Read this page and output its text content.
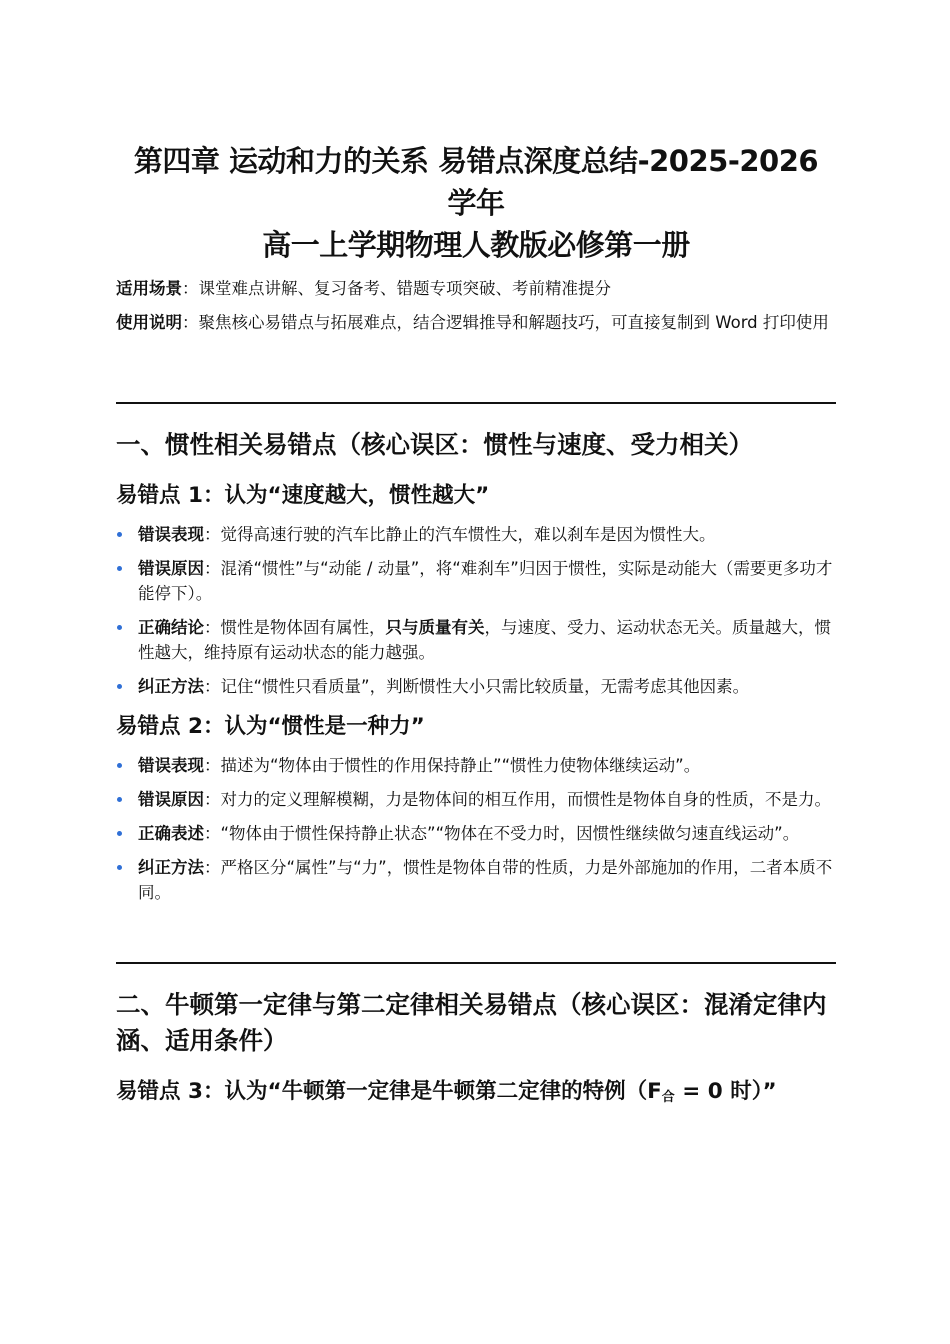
第四章 运动和力的关系 易错点深度总结-2025-2026 学年
高一上学期物理人教版必修第一册

适用场景：课堂难点讲解、复习备考、错题专项突破、考前精准提分

使用说明：聚焦核心易错点与拓展难点，结合逻辑推导和解题技巧，可直接复制到 Word 打印使用

一、惯性相关易错点（核心误区：惯性与速度、受力相关）
易错点 1：认为“速度越大，惯性越大”
错误表现：觉得高速行驶的汽车比静止的汽车惯性大，难以刹车是因为惯性大。
错误原因：混淆“惯性”与“动能 / 动量”，将“难刹车”归因于惯性，实际是动能大（需要更多功才能停下）。
正确结论：惯性是物体固有属性，只与质量有关，与速度、受力、运动状态无关。质量越大，惯性越大，维持原有运动状态的能力越强。
纠正方法：记住“惯性只看质量”，判断惯性大小只需比较质量，无需考虑其他因素。
易错点 2：认为“惯性是一种力”
错误表现：描述为“物体由于惯性的作用保持静止”“惯性力使物体继续运动”。
错误原因：对力的定义理解模糊，力是物体间的相互作用，而惯性是物体自身的性质，不是力。
正确表述：“物体由于惯性保持静止状态”“物体在不受力时，因惯性继续做匀速直线运动”。
纠正方法：严格区分“属性”与“力”，惯性是物体自带的性质，力是外部施加的作用，二者本质不同。
二、牛顿第一定律与第二定律相关易错点（核心误区：混淆定律内涵、适用条件）
易错点 3：认为“牛顿第一定律是牛顿第二定律的特例（$F_合 = 0$ 时）”
